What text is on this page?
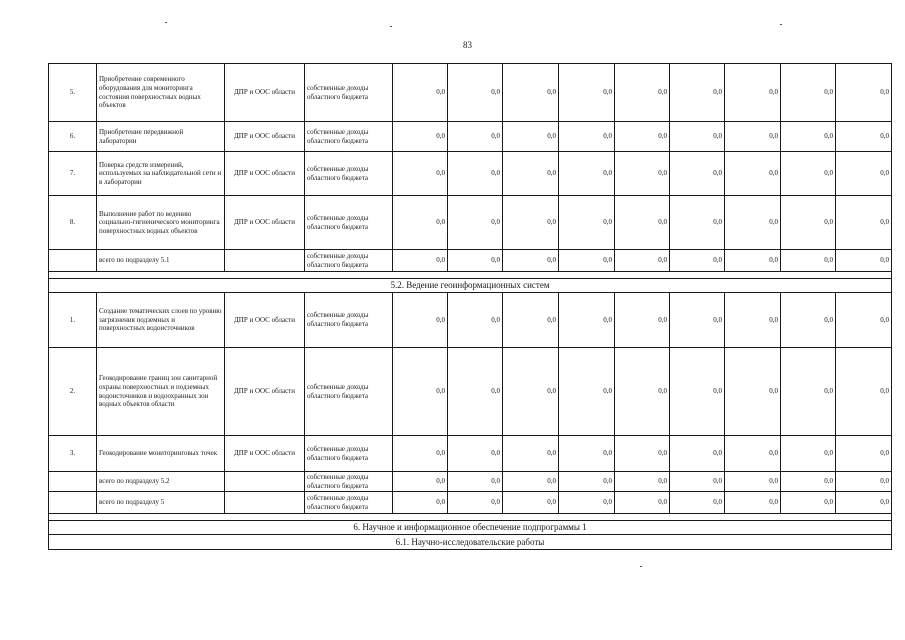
83
5.	Приобретение современного оборудования для мониторинга состояния поверхностных водных объектов	ДПР и ООС области	собственные доходы областного бюджета	0,0	0,0	0,0	0,0	0,0	0,0	0,0	0,0	0,0
6.	Приобретение передвижной лаборатории	ДПР и ООС области	собственные доходы областного бюджета	0,0	0,0	0,0	0,0	0,0	0,0	0,0	0,0	0,0
7.	Поверка средств измерений, используемых на наблюдательной сети и в лаборатории	ДПР и ООС области	собственные доходы областного бюджета	0,0	0,0	0,0	0,0	0,0	0,0	0,0	0,0	0,0
8.	Выполнение работ по ведению социально-гигиенического мониторинга поверхностных водных объектов	ДПР и ООС области	собственные доходы областного бюджета	0,0	0,0	0,0	0,0	0,0	0,0	0,0	0,0	0,0
	всего по подразделу 5.1		собственные доходы областного бюджета	0,0	0,0	0,0	0,0	0,0	0,0	0,0	0,0	0,0

5.2. Ведение геоинформационных систем												
1.	Создание тематических слоев по уровню загрязнения подземных и поверхностных водоисточников	ДПР и ООС области	собственные доходы областного бюджета	0,0	0,0	0,0	0,0	0,0	0,0	0,0	0,0	0,0
2.	Геокодирование границ зон санитарной охраны поверхностных и подземных водоисточников и водоохранных зон водных объектов области	ДПР и ООС области	собственные доходы областного бюджета	0,0	0,0	0,0	0,0	0,0	0,0	0,0	0,0	0,0
3.	Геокодирование мониторинговых точек	ДПР и ООС области	собственные доходы областного бюджета	0,0	0,0	0,0	0,0	0,0	0,0	0,0	0,0	0,0
	всего по подразделу 5.2		собственные доходы областного бюджета	0,0	0,0	0,0	0,0	0,0	0,0	0,0	0,0	0,0
	всего по подразделу 5		собственные доходы областного бюджета	0,0	0,0	0,0	0,0	0,0	0,0	0,0	0,0	0,0

6. Научное и информационное обеспечение подпрограммы 1												
6.1. Научно-исследовательские работы												
